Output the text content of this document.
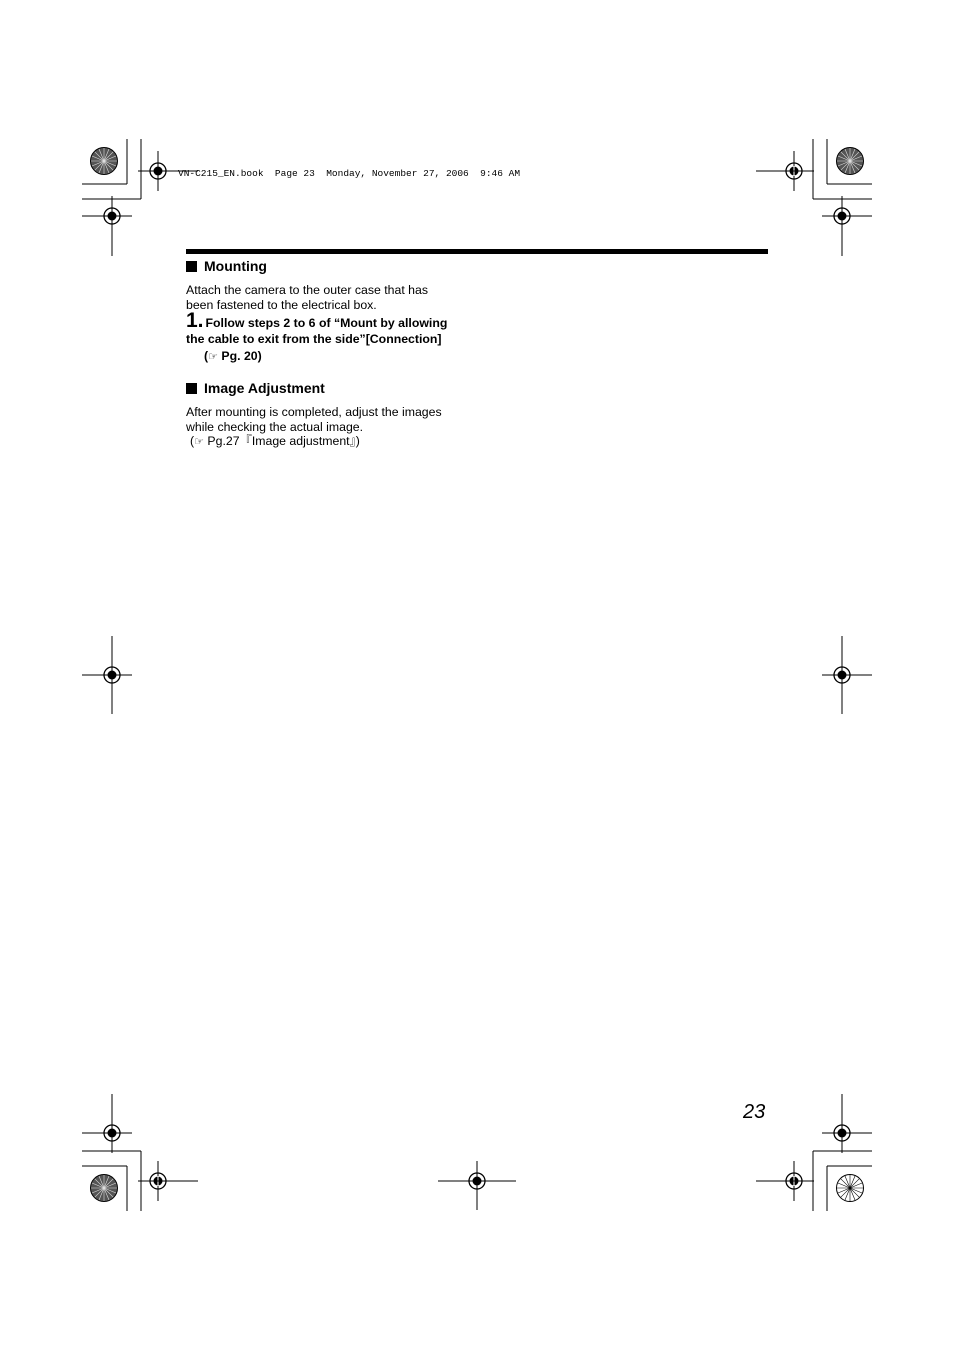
VN-C215_EN.book  Page 23  Monday, November 27, 2006  9:46 AM
Mounting
Attach the camera to the outer case that has
been fastened to the electrical box.
1. Follow steps 2 to 6 of “Mount by allowing
the cable to exit from the side”[Connection]
(☞ Pg. 20)
Image Adjustment
After mounting is completed, adjust the images
while checking the actual image.
(☞ Pg.27『Image adjustment』)
23
